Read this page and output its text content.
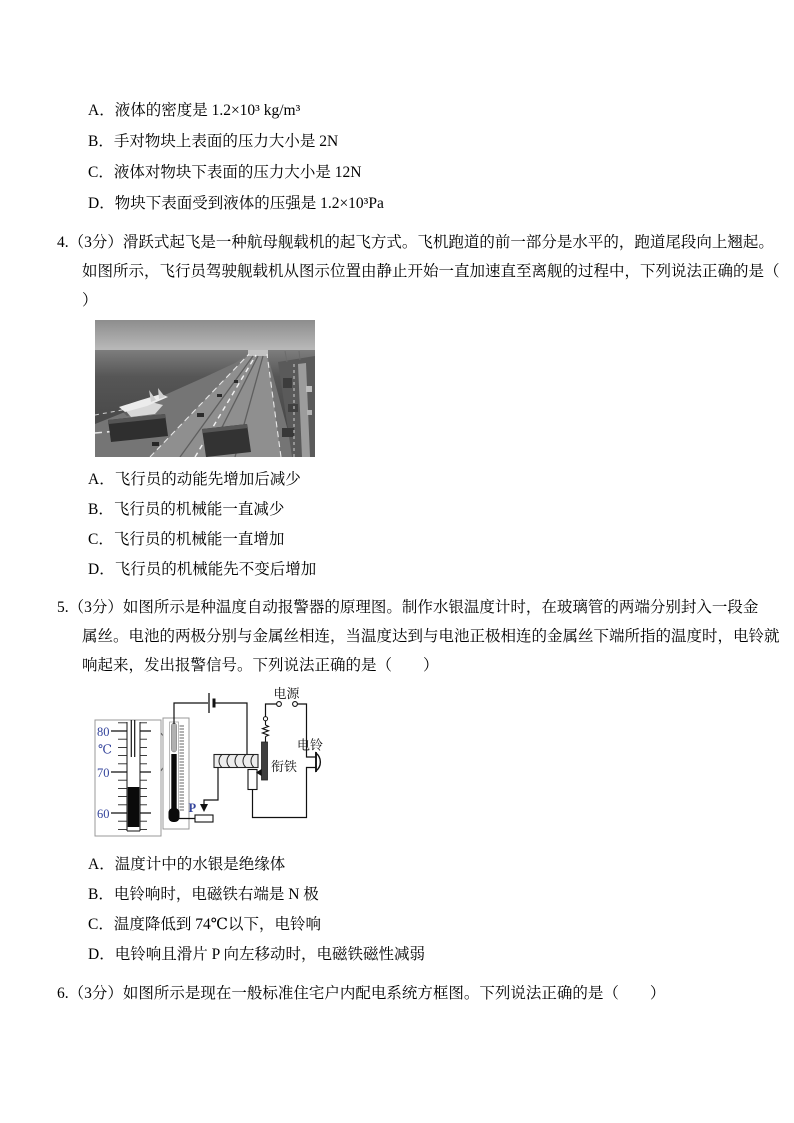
A．液体的密度是 1.2×10³ kg/m³
B．手对物块上表面的压力大小是 2N
C．液体对物块下表面的压力大小是 12N
D．物块下表面受到液体的压强是 1.2×10³Pa
4.（3分）滑跃式起飞是一种航母舰载机的起飞方式。飞机跑道的前一部分是水平的，跑道尾段向上翘起。
如图所示，飞行员驾驶舰载机从图示位置由静止开始一直加速直至离舰的过程中，下列说法正确的是（
）
A．飞行员的动能先增加后减少
B．飞行员的机械能一直减少
C．飞行员的机械能一直增加
D．飞行员的机械能先不变后增加
5.（3分）如图所示是种温度自动报警器的原理图。制作水银温度计时，在玻璃管的两端分别封入一段金
属丝。电池的两极分别与金属丝相连，当温度达到与电池正极相连的金属丝下端所指的温度时，电铃就
响起来，发出报警信号。下列说法正确的是（　　）
80
℃
70
60	P
电源
衔铁
电铃
A．温度计中的水银是绝缘体
B．电铃响时，电磁铁右端是 N 极
C．温度降低到 74℃以下，电铃响
D．电铃响且滑片 P 向左移动时，电磁铁磁性减弱
6.（3分）如图所示是现在一般标准住宅户内配电系统方框图。下列说法正确的是（　　）
